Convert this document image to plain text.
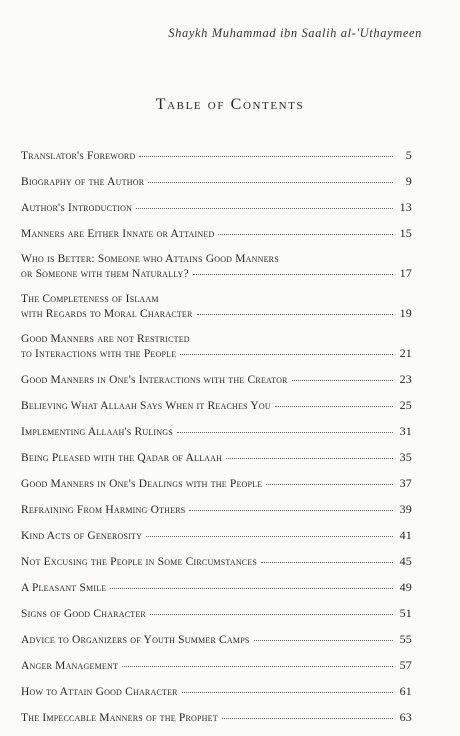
Shaykh Muhammad ibn Saalih al-'Uthaymeen
Table of Contents
Translator's Foreword	5
Biography of the Author	9
Author's Introduction	13
Manners are Either Innate or Attained	15
Who is Better: Someone who Attains Good Manners
or Someone with them Naturally?	17
The Completeness of Islaam
with Regards to Moral Character	19
Good Manners are not Restricted
to Interactions with the People	21
Good Manners in One's Interactions with the Creator	23
Believing What Allaah Says When it Reaches You	25
Implementing Allaah's Rulings	31
Being Pleased with the Qadar of Allaah	35
Good Manners in One's Dealings with the People	37
Refraining From Harming Others	39
Kind Acts of Generosity	41
Not Excusing the People in Some Circumstances	45
A Pleasant Smile	49
Signs of Good Character	51
Advice to Organizers of Youth Summer Camps	55
Anger Management	57
How to Attain Good Character	61
The Impeccable Manners of the Prophet	63
